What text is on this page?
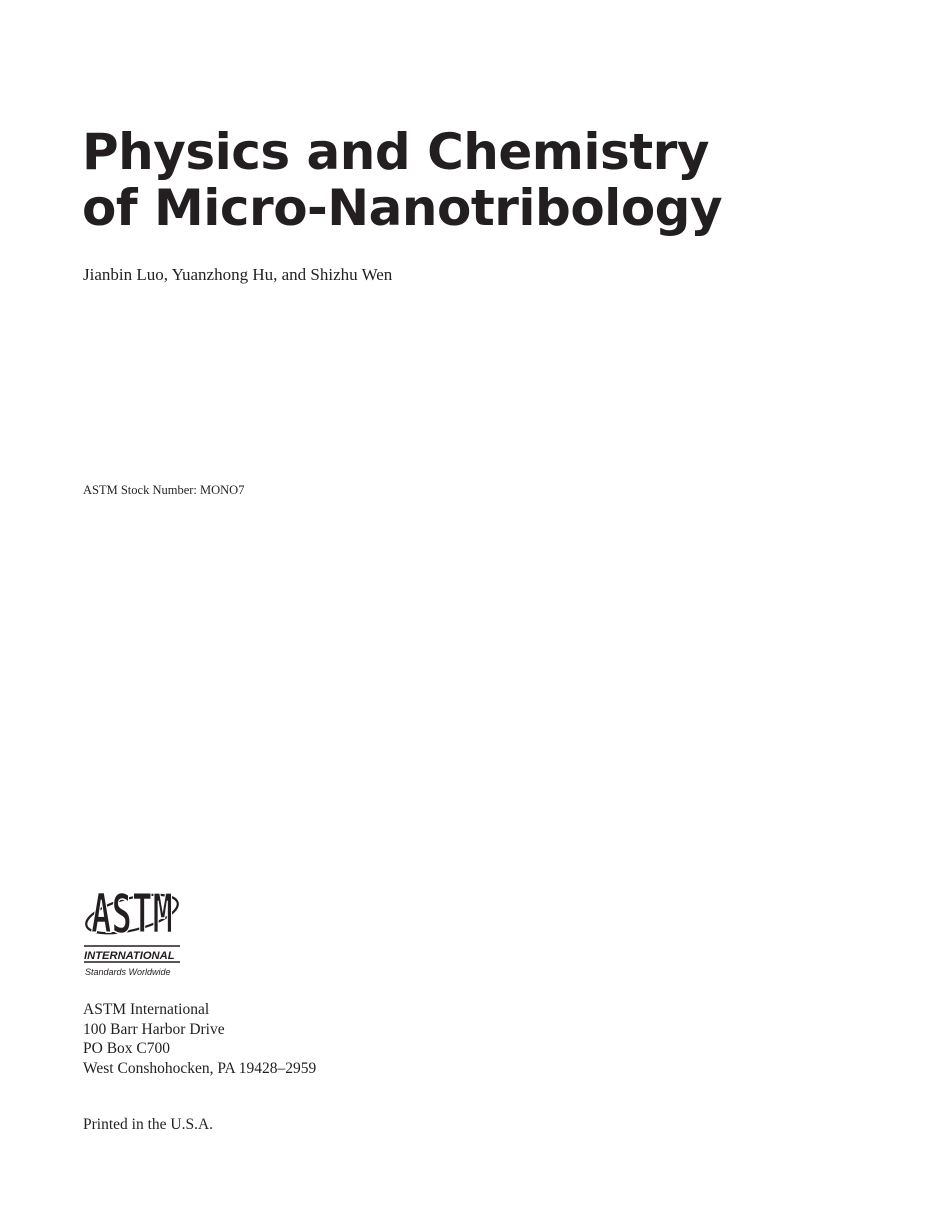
Physics and Chemistry
of Micro-Nanotribology
Jianbin Luo, Yuanzhong Hu, and Shizhu Wen
ASTM Stock Number: MONO7
ASTM
INTERNATIONAL
Standards Worldwide
ASTM International
100 Barr Harbor Drive
PO Box C700
West Conshohocken, PA 19428–2959
Printed in the U.S.A.
